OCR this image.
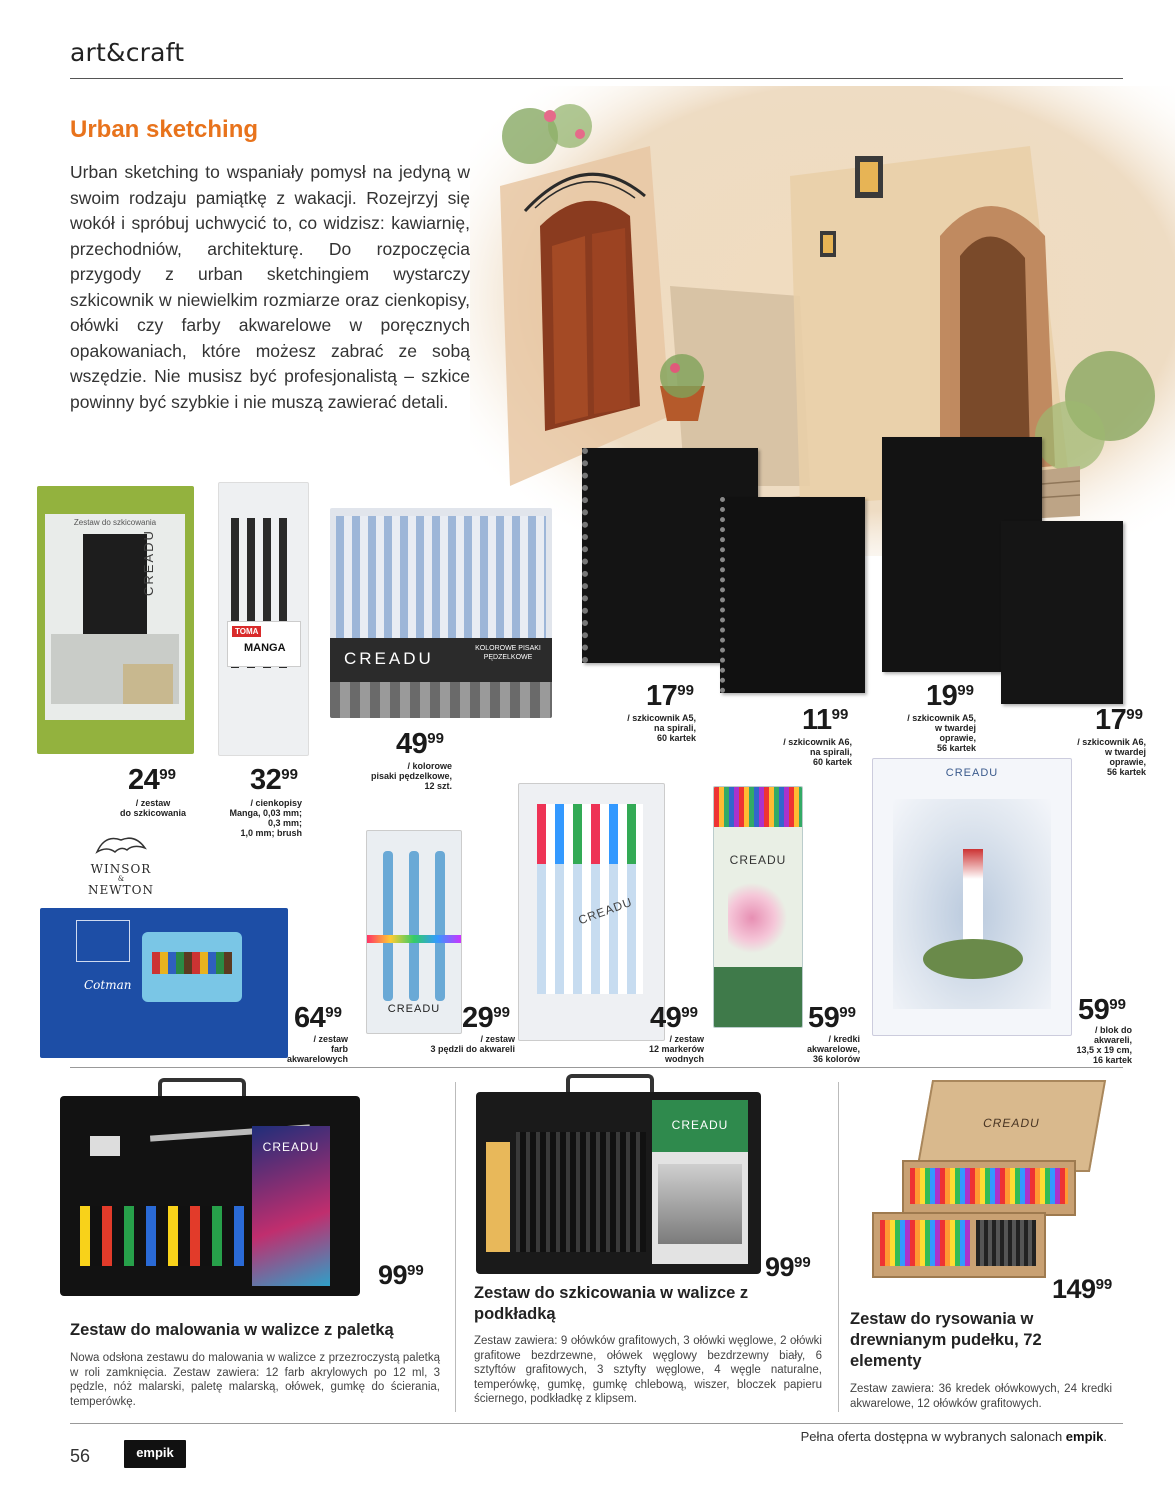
art&craft
Urban sketching
Urban sketching to wspaniały pomysł na jedyną w swoim rodzaju pamiątkę z wakacji. Rozejrzyj się wokół i spróbuj uchwycić to, co widzisz: kawiarnię, przechodniów, architekturę. Do rozpoczęcia przygody z urban sketchingiem wystarczy szkicownik w niewielkim rozmiarze oraz cienkopisy, ołówki czy farby akwarelowe w poręcznych opakowaniach, które możesz zabrać ze sobą wszędzie. Nie musisz być profesjonalistą – szkice powinny być szybkie i nie muszą zawierać detali.
Zestaw do szkicowania
CREADU
TOMA
MANGA
CREADU
KOLOROWE PISAKI PĘDZELKOWE
2499
/ zestaw
do szkicowania
3299
/ cienkopisy
Manga, 0,03 mm;
0,3 mm;
1,0 mm; brush
4999
/ kolorowe
pisaki pędzelkowe,
12 szt.
1799
/ szkicownik A5,
na spirali,
60 kartek
1199
/ szkicownik A6,
na spirali,
60 kartek
1999
/ szkicownik A5,
w twardej
oprawie,
56 kartek
1799
/ szkicownik A6,
w twardej
oprawie,
56 kartek
WINSOR
&
NEWTON
Cotman
CREADU
CREADU
CREADU
CREADU
6499
/ zestaw
farb
akwarelowych
2999
/ zestaw
3 pędzli do akwareli
4999
/ zestaw
12 markerów
wodnych
5999
/ kredki
akwarelowe,
36 kolorów
5999
/ blok do
akwareli,
13,5 x 19 cm,
16 kartek
CREADU
9999
Zestaw do malowania w walizce z paletką
Nowa odsłona zestawu do malowania w walizce z przezroczystą paletką w roli zamknięcia. Zestaw zawiera: 12 farb akrylowych po 12 ml, 3 pędzle, nóż malarski, paletę malarską, ołówek, gumkę do ścierania, temperówkę.
CREADU
9999
Zestaw do szkicowania w walizce z podkładką
Zestaw zawiera: 9 ołówków grafitowych, 3 ołówki węglowe, 2 ołówki grafitowe bezdrzewne, ołówek węglowy bezdrzewny biały, 6 sztyftów grafitowych, 3 sztyfty węglowe, 4 węgle naturalne, temperówkę, gumkę, gumkę chlebową, wiszer, bloczek papieru ściernego, podkładkę z klipsem.
CREADU
14999
Zestaw do rysowania w drewnianym pudełku, 72 elementy
Zestaw zawiera: 36 kredek ołówkowych, 24 kredki akwarelowe, 12 ołówków grafitowych.
Pełna oferta dostępna w wybranych salonach empik.
56	empik
